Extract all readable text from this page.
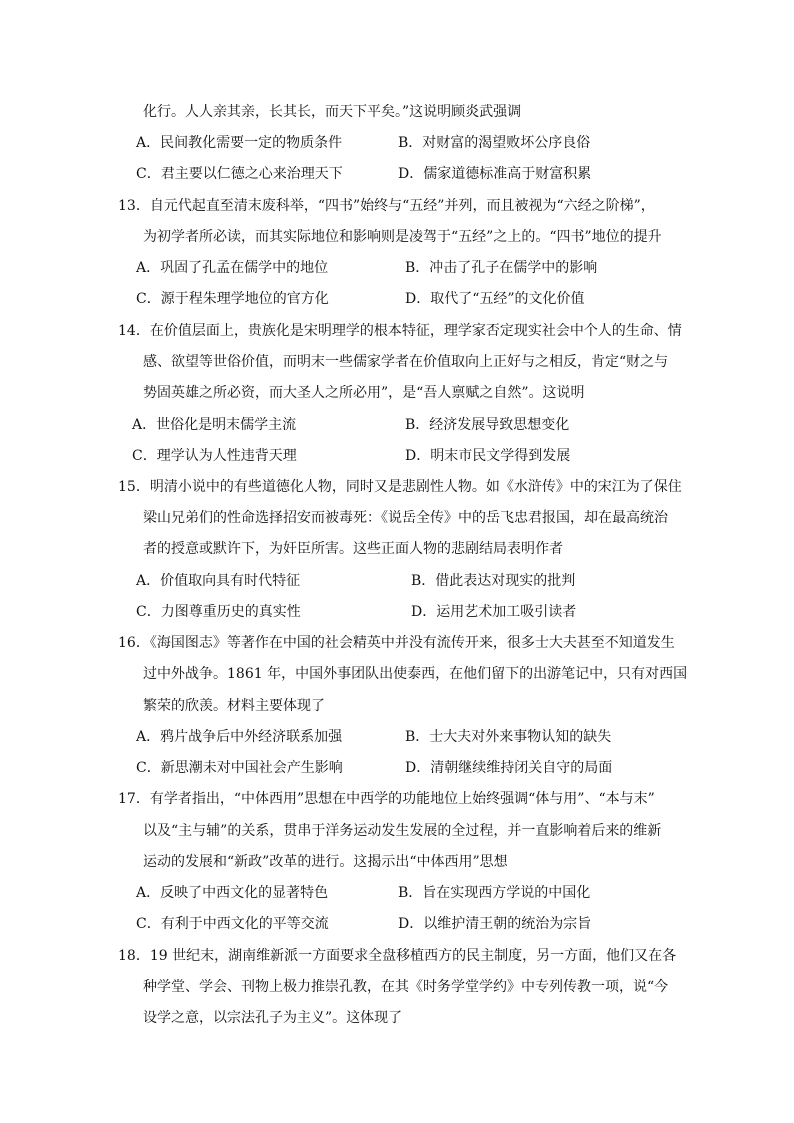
化行。人人亲其亲，长其长，而天下平矣。”这说明顾炎武强调
A．民间教化需要一定的物质条件	B．对财富的渴望败坏公序良俗
C．君主要以仁德之心来治理天下	D．儒家道德标准高于财富积累
13．自元代起直至清末废科举，“四书”始终与“五经”并列，而且被视为“六经之阶梯”，
为初学者所必读，而其实际地位和影响则是凌驾于“五经”之上的。“四书”地位的提升
A．巩固了孔孟在儒学中的地位	B．冲击了孔子在儒学中的影响
C．源于程朱理学地位的官方化	D．取代了“五经”的文化价值
14．在价值层面上，贵族化是宋明理学的根本特征，理学家否定现实社会中个人的生命、情
感、欲望等世俗价值，而明末一些儒家学者在价值取向上正好与之相反，肯定“财之与
势固英雄之所必资，而大圣人之所必用”，是“吾人禀赋之自然”。这说明
A．世俗化是明末儒学主流	B．经济发展导致思想变化
C．理学认为人性违背天理	D．明末市民文学得到发展
15．明清小说中的有些道德化人物，同时又是悲剧性人物。如《水浒传》中的宋江为了保住
梁山兄弟们的性命选择招安而被毒死：《说岳全传》中的岳飞忠君报国，却在最高统治
者的授意或默许下，为奸臣所害。这些正面人物的悲剧结局表明作者
A．价值取向具有时代特征	B．借此表达对现实的批判
C．力图尊重历史的真实性	D．运用艺术加工吸引读者
16．《海国图志》等著作在中国的社会精英中并没有流传开来，很多士大夫甚至不知道发生
过中外战争。1861 年，中国外事团队出使泰西，在他们留下的出游笔记中，只有对西国
繁荣的欣羡。材料主要体现了
A．鸦片战争后中外经济联系加强	B．士大夫对外来事物认知的缺失
C．新思潮未对中国社会产生影响	D．清朝继续维持闭关自守的局面
17．有学者指出，“中体西用”思想在中西学的功能地位上始终强调“体与用”、“本与末”
以及“主与辅”的关系，贯串于洋务运动发生发展的全过程，并一直影响着后来的维新
运动的发展和“新政”改革的进行。这揭示出“中体西用”思想
A．反映了中西文化的显著特色	B．旨在实现西方学说的中国化
C．有利于中西文化的平等交流	D．以维护清王朝的统治为宗旨
18．19 世纪末，湖南维新派一方面要求全盘移植西方的民主制度，另一方面，他们又在各
种学堂、学会、刊物上极力推崇孔教，在其《时务学堂学约》中专列传教一项，说“今
设学之意，以宗法孔子为主义”。这体现了
